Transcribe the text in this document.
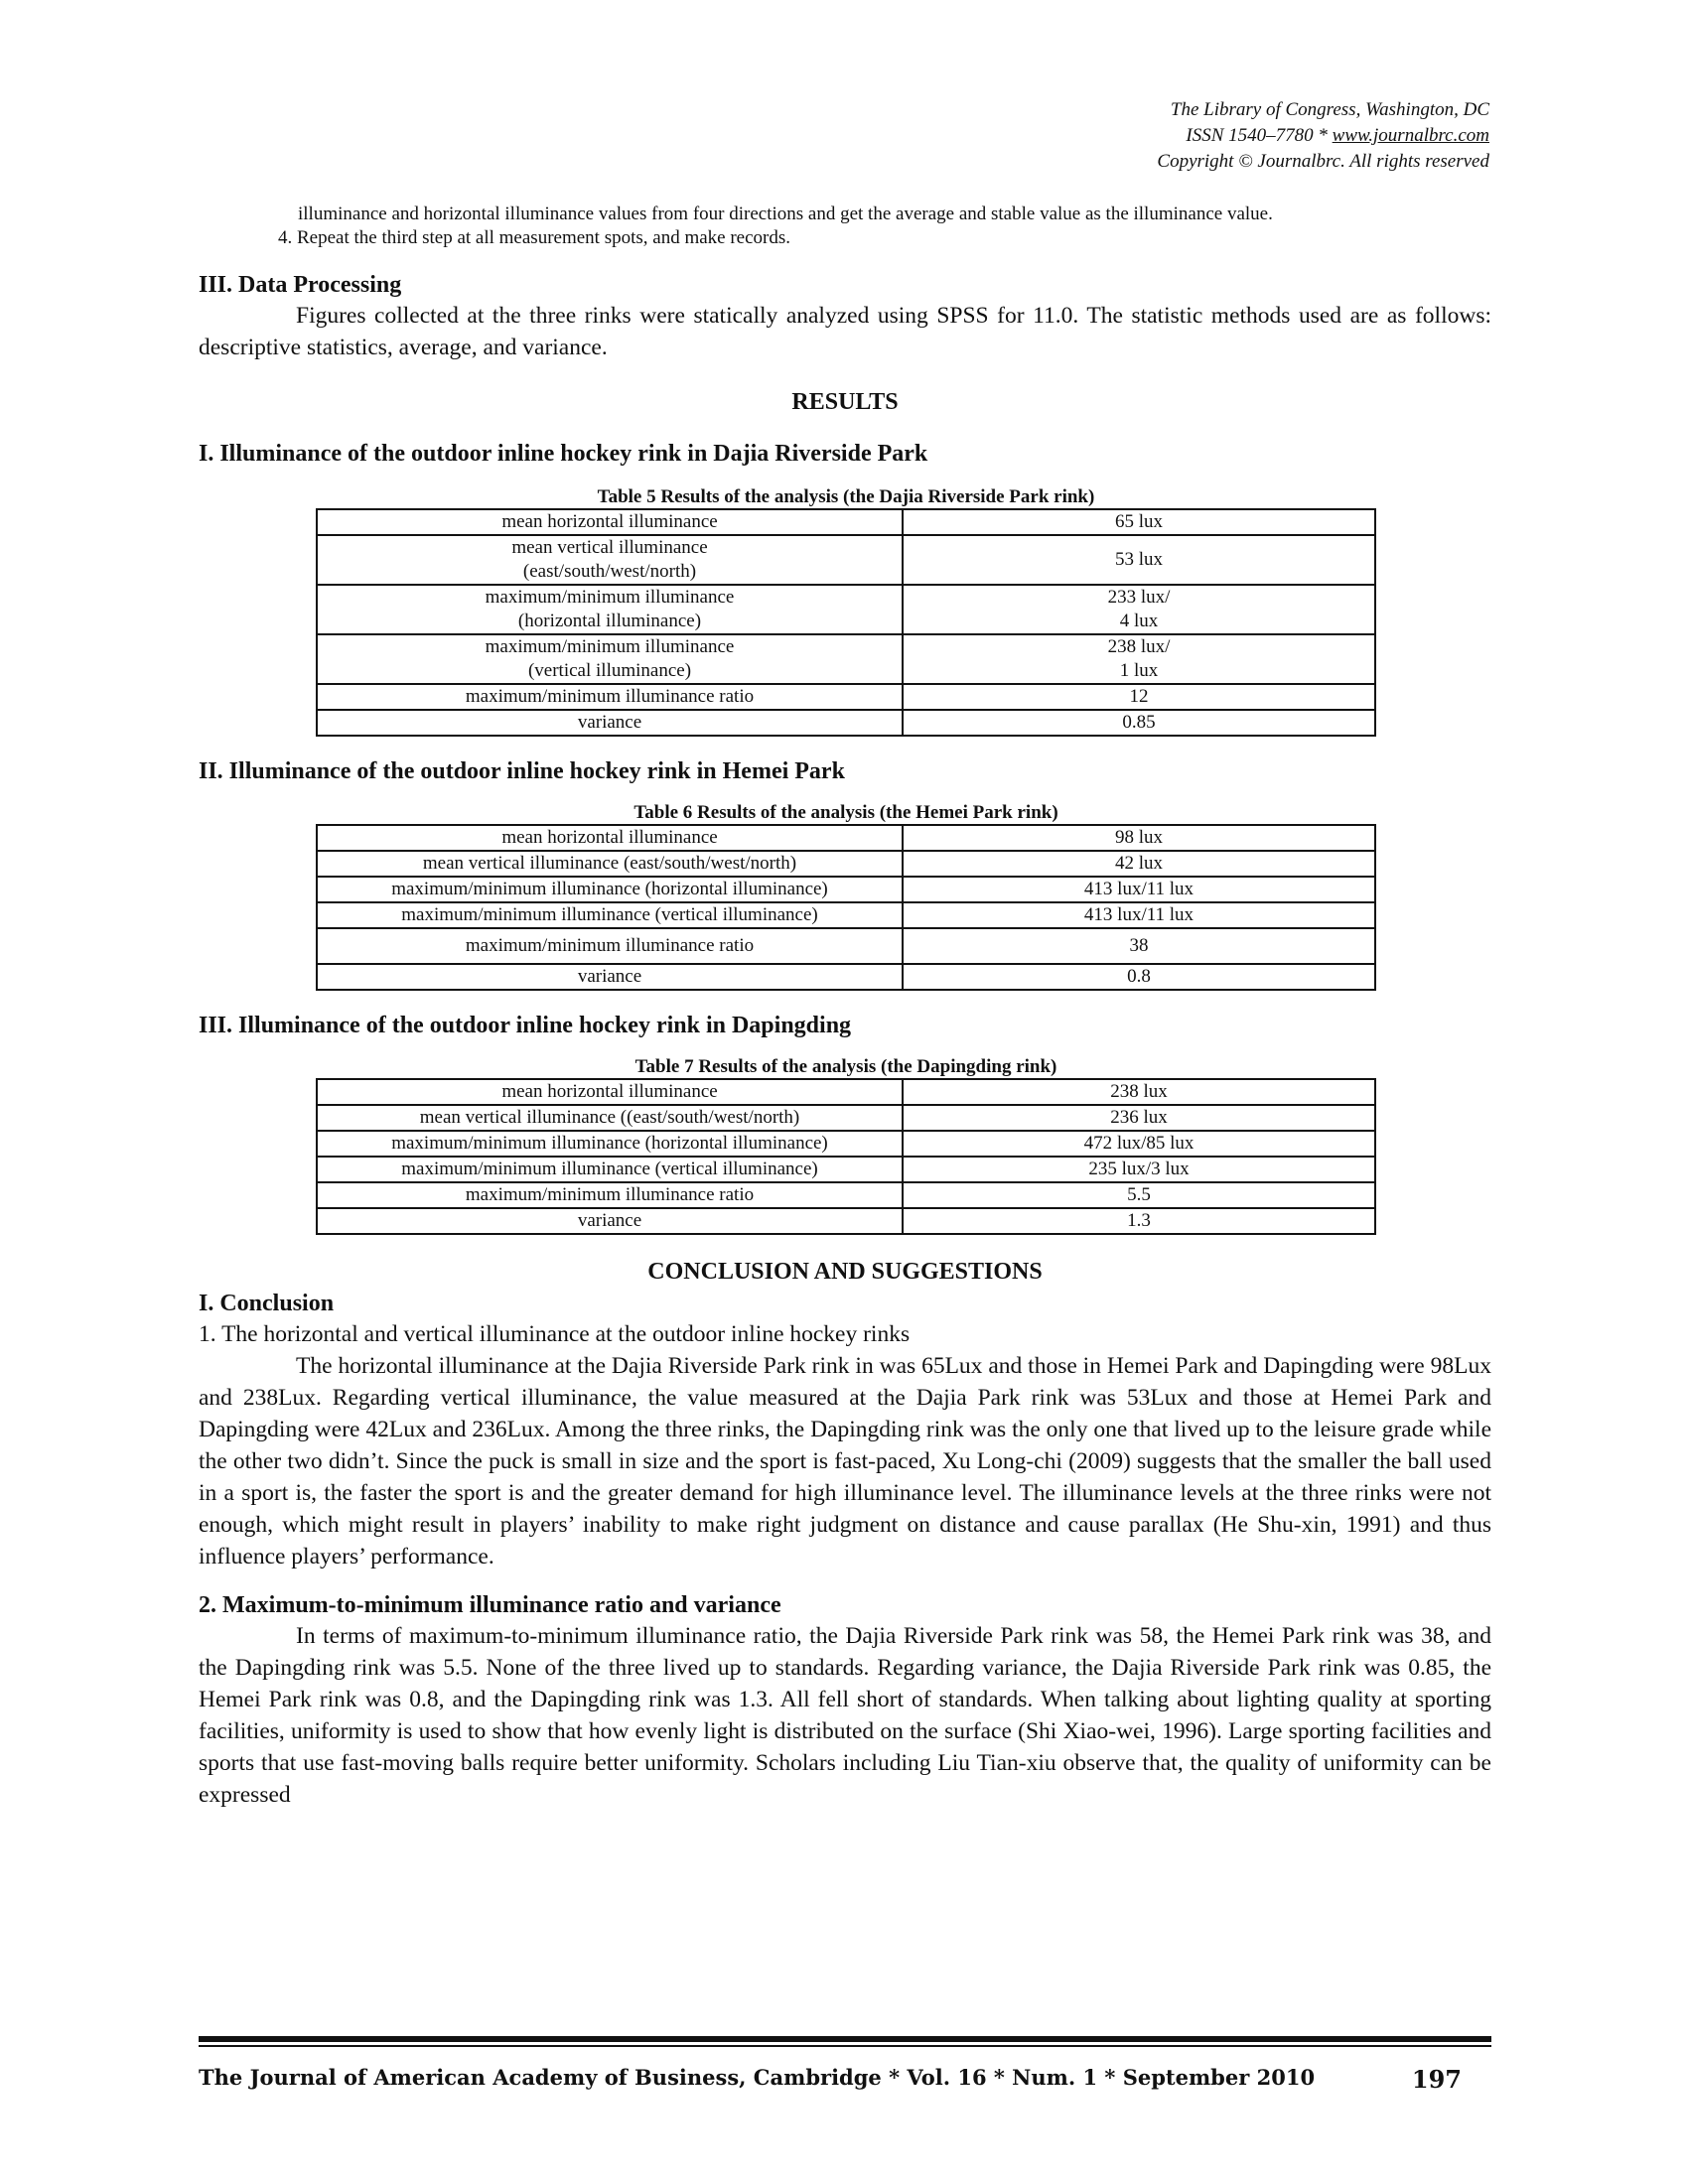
The Library of Congress, Washington, DC
ISSN 1540–7780 * www.journalbrc.com
Copyright © Journalbrc. All rights reserved
illuminance and horizontal illuminance values from four directions and get the average and stable value as the illuminance value.
4. Repeat the third step at all measurement spots, and make records.
III. Data Processing

Figures collected at the three rinks were statically analyzed using SPSS for 11.0. The statistic methods used are as follows: descriptive statistics, average, and variance.

RESULTS
I. Illuminance of the outdoor inline hockey rink in Dajia Riverside Park
Table 5 Results of the analysis (the Dajia Riverside Park rink)
mean horizontal illuminance	65 lux
mean vertical illuminance
(east/south/west/north)	53 lux
maximum/minimum illuminance
(horizontal illuminance)	233 lux/
4 lux
maximum/minimum illuminance
(vertical illuminance)	238 lux/
1 lux
maximum/minimum illuminance ratio	12
variance	0.85
II. Illuminance of the outdoor inline hockey rink in Hemei Park
Table 6 Results of the analysis (the Hemei Park rink)
mean horizontal illuminance	98 lux
mean vertical illuminance (east/south/west/north)	42 lux
maximum/minimum illuminance (horizontal illuminance)	413 lux/11 lux
maximum/minimum illuminance (vertical illuminance)	413 lux/11 lux
maximum/minimum illuminance ratio	38
variance	0.8
III. Illuminance of the outdoor inline hockey rink in Dapingding
Table 7 Results of the analysis (the Dapingding rink)
mean horizontal illuminance	238 lux
mean vertical illuminance ((east/south/west/north)	236 lux
maximum/minimum illuminance (horizontal illuminance)	472 lux/85 lux
maximum/minimum illuminance (vertical illuminance)	235 lux/3 lux
maximum/minimum illuminance ratio	5.5
variance	1.3
CONCLUSION AND SUGGESTIONS
I. Conclusion

1. The horizontal and vertical illuminance at the outdoor inline hockey rinks

The horizontal illuminance at the Dajia Riverside Park rink in was 65Lux and those in Hemei Park and Dapingding were 98Lux and 238Lux. Regarding vertical illuminance, the value measured at the Dajia Park rink was 53Lux and those at Hemei Park and Dapingding were 42Lux and 236Lux. Among the three rinks, the Dapingding rink was the only one that lived up to the leisure grade while the other two didn’t. Since the puck is small in size and the sport is fast-paced, Xu Long-chi (2009) suggests that the smaller the ball used in a sport is, the faster the sport is and the greater demand for high illuminance level. The illuminance levels at the three rinks were not enough, which might result in players’ inability to make right judgment on distance and cause parallax (He Shu-xin, 1991) and thus influence players’ performance.

2. Maximum-to-minimum illuminance ratio and variance

In terms of maximum-to-minimum illuminance ratio, the Dajia Riverside Park rink was 58, the Hemei Park rink was 38, and the Dapingding rink was 5.5. None of the three lived up to standards. Regarding variance, the Dajia Riverside Park rink was 0.85, the Hemei Park rink was 0.8, and the Dapingding rink was 1.3. All fell short of standards. When talking about lighting quality at sporting facilities, uniformity is used to show that how evenly light is distributed on the surface (Shi Xiao-wei, 1996). Large sporting facilities and sports that use fast-moving balls require better uniformity. Scholars including Liu Tian-xiu observe that, the quality of uniformity can be expressed

The Journal of American Academy of Business, Cambridge * Vol. 16 * Num. 1 * September 2010	197
